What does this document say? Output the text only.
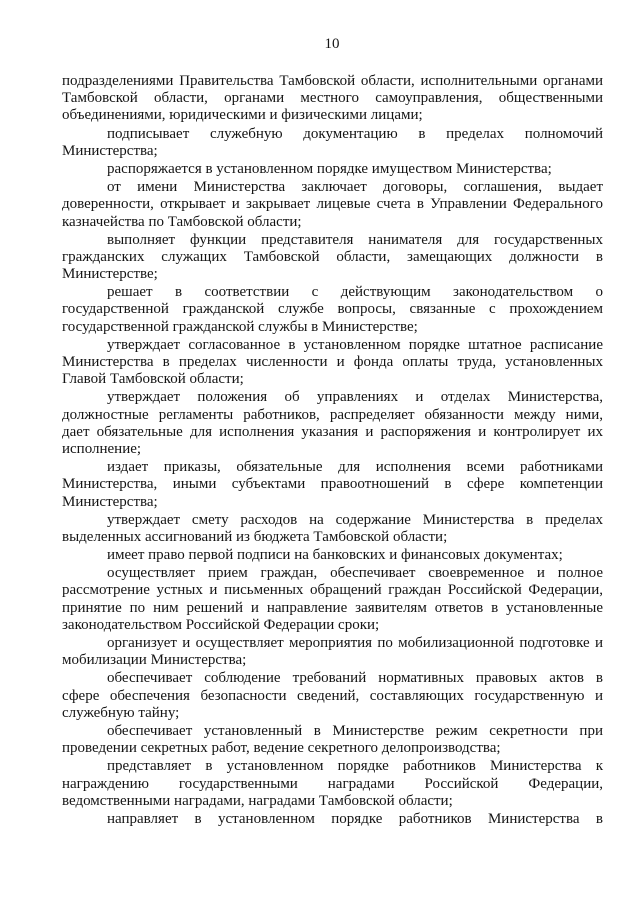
10
подразделениями Правительства Тамбовской области, исполнительными органами
Тамбовской области, органами местного самоуправления, общественными
объединениями, юридическими и физическими лицами;
подписывает служебную документацию в пределах полномочий
Министерства;
распоряжается в установленном порядке имуществом Министерства;
от имени Министерства заключает договоры, соглашения, выдает
доверенности, открывает и закрывает лицевые счета в Управлении Федерального
казначейства по Тамбовской области;
выполняет функции представителя нанимателя для государственных
гражданских служащих Тамбовской области, замещающих должности в
Министерстве;
решает в соответствии с действующим законодательством о
государственной гражданской службе вопросы, связанные с прохождением
государственной гражданской службы в Министерстве;
утверждает согласованное в установленном порядке штатное расписание
Министерства в пределах численности и фонда оплаты труда, установленных
Главой Тамбовской области;
утверждает положения об управлениях и отделах Министерства,
должностные регламенты работников, распределяет обязанности между ними,
дает обязательные для исполнения указания и распоряжения и контролирует их
исполнение;
издает приказы, обязательные для исполнения всеми работниками
Министерства, иными субъектами правоотношений в сфере компетенции
Министерства;
утверждает смету расходов на содержание Министерства в пределах
выделенных ассигнований из бюджета Тамбовской области;
имеет право первой подписи на банковских и финансовых документах;
осуществляет прием граждан, обеспечивает своевременное и полное
рассмотрение устных и письменных обращений граждан Российской Федерации,
принятие по ним решений и направление заявителям ответов в установленные
законодательством Российской Федерации сроки;
организует и осуществляет мероприятия по мобилизационной подготовке и
мобилизации Министерства;
обеспечивает соблюдение требований нормативных правовых актов в
сфере обеспечения безопасности сведений, составляющих государственную и
служебную тайну;
обеспечивает установленный в Министерстве режим секретности при
проведении секретных работ, ведение секретного делопроизводства;
представляет в установленном порядке работников Министерства к
награждению государственными наградами Российской Федерации,
ведомственными наградами, наградами Тамбовской области;
направляет в установленном порядке работников Министерства в
